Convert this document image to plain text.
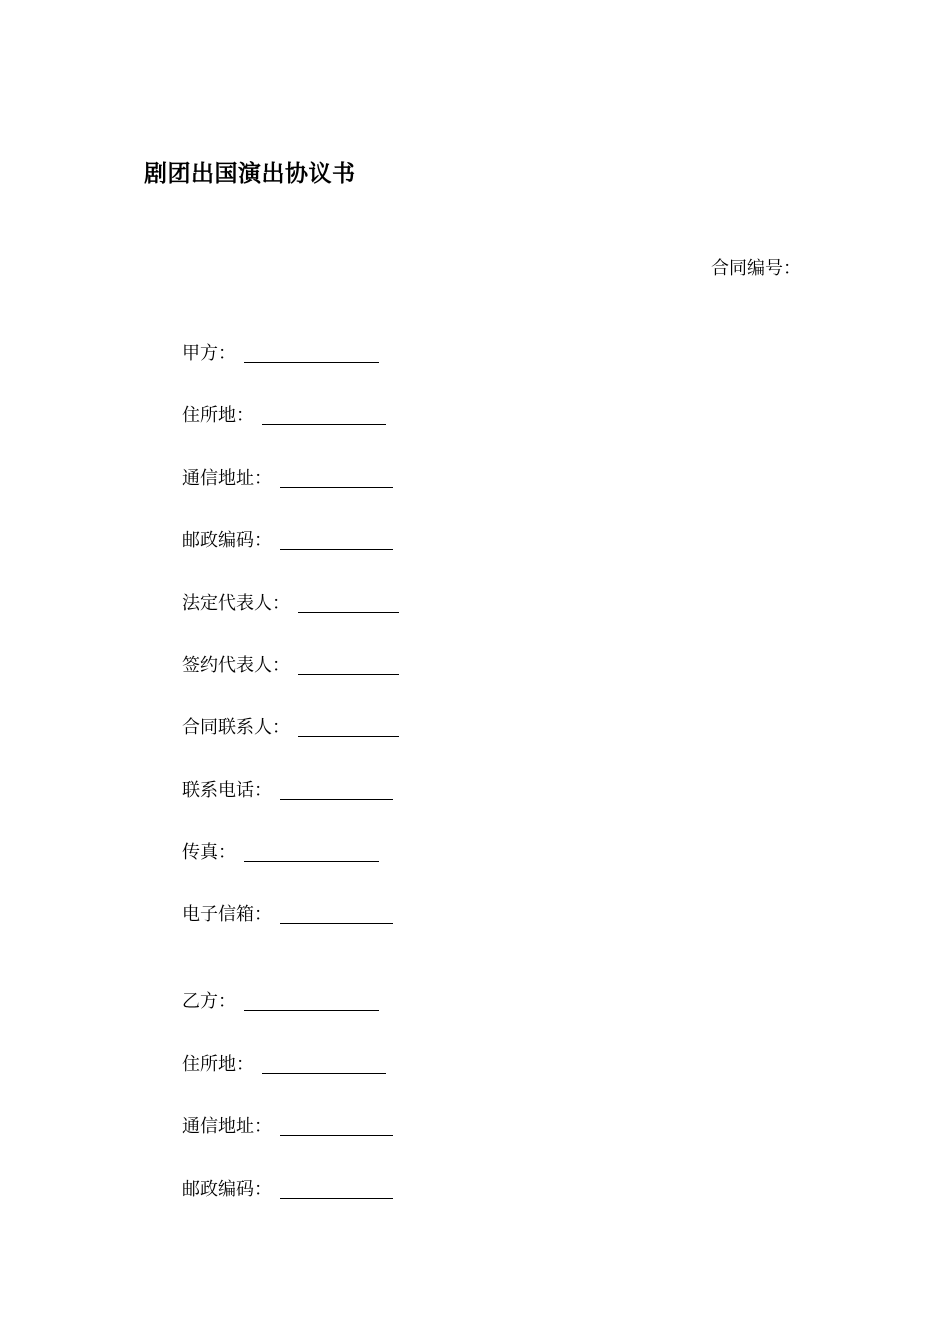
剧团出国演出协议书
合同编号：
甲方 ：
住所地 ：
通信地址 ：
邮政编码 ：
法定代表人 ：
签约代表人 ：
合同联系人 ：
联系电话 ：
传真 ：
电子信箱 ：
乙方 ：
住所地 ：
通信地址 ：
邮政编码 ：
